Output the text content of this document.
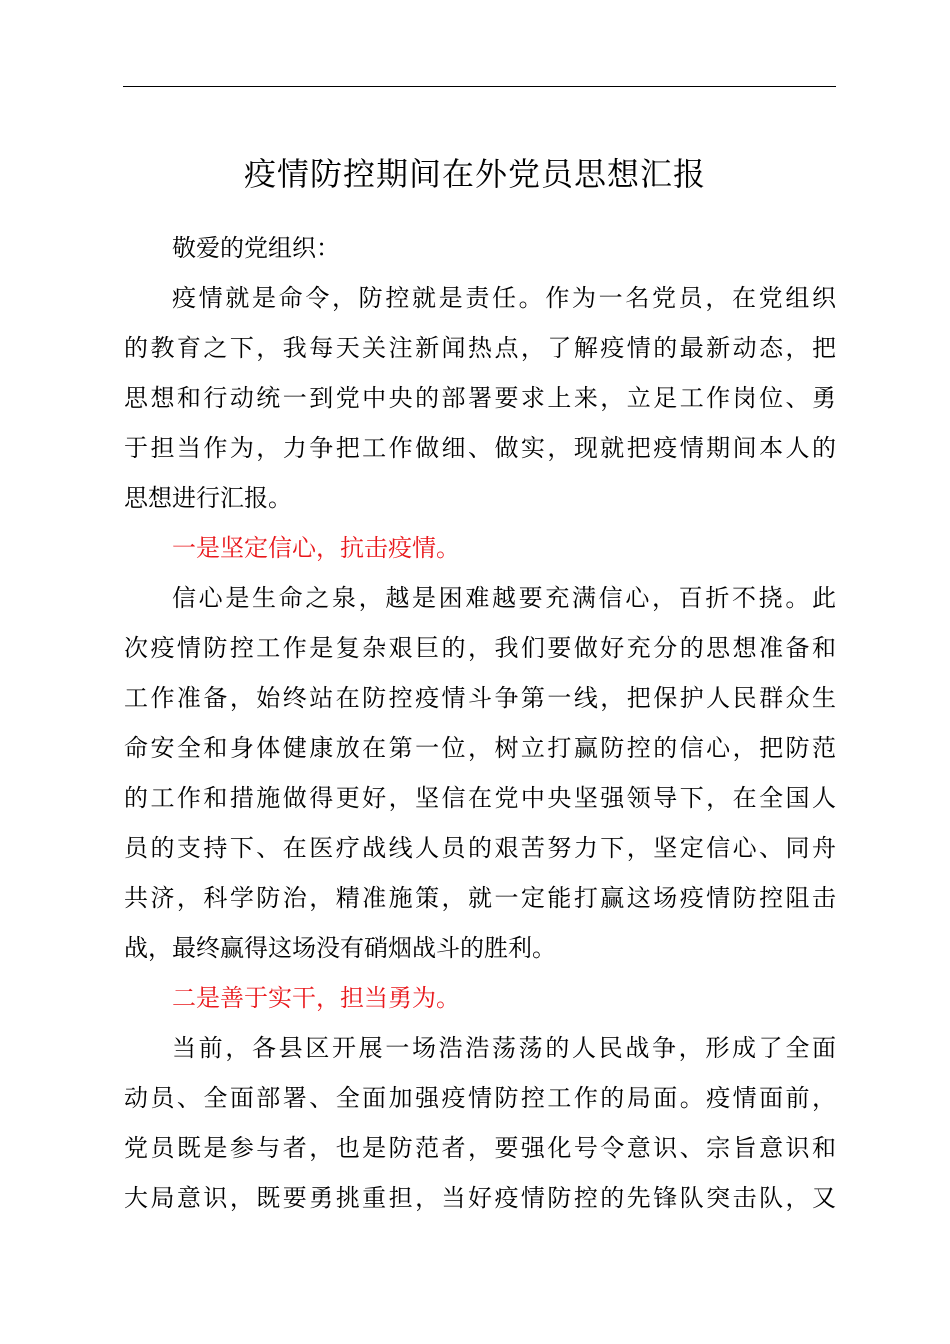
疫情防控期间在外党员思想汇报
敬爱的党组织：
疫情就是命令，防控就是责任。作为一名党员，在党组织
的教育之下，我每天关注新闻热点，了解疫情的最新动态，把
思想和行动统一到党中央的部署要求上来，立足工作岗位、勇
于担当作为，力争把工作做细、做实，现就把疫情期间本人的
思想进行汇报。
一是坚定信心，抗击疫情。
信心是生命之泉，越是困难越要充满信心，百折不挠。此
次疫情防控工作是复杂艰巨的，我们要做好充分的思想准备和
工作准备，始终站在防控疫情斗争第一线，把保护人民群众生
命安全和身体健康放在第一位，树立打赢防控的信心，把防范
的工作和措施做得更好，坚信在党中央坚强领导下，在全国人
员的支持下、在医疗战线人员的艰苦努力下，坚定信心、同舟
共济，科学防治，精准施策，就一定能打赢这场疫情防控阻击
战，最终赢得这场没有硝烟战斗的胜利。
二是善于实干，担当勇为。
当前，各县区开展一场浩浩荡荡的人民战争，形成了全面
动员、全面部署、全面加强疫情防控工作的局面。疫情面前，
党员既是参与者，也是防范者，要强化号令意识、宗旨意识和
大局意识，既要勇挑重担，当好疫情防控的先锋队突击队，又
